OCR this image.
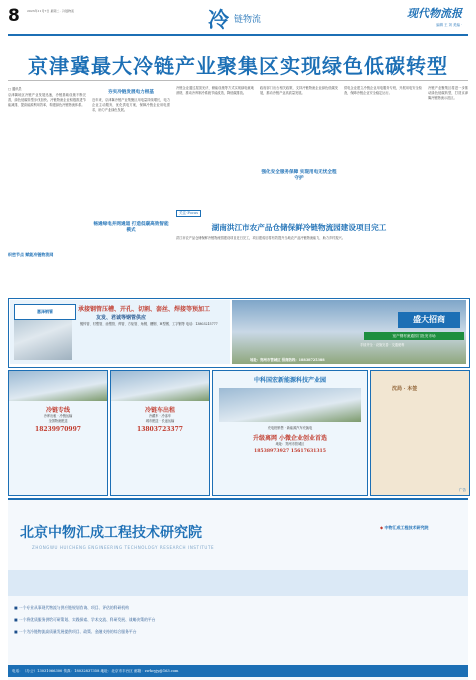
8 2023年11月7日 星期二 · 冷链物流	冷 链物流	现代物流报
编辑 王 刘 美编 ·
京津冀最大冷链产业聚集区实现绿色低碳转型
□ 通讯员
京津冀地区冷链产业发展迅速，冷链基础设施不断完善，绿色低碳转型步伐加快。冷链物流企业积极推进节能减排，提高能源利用效率，构建绿色冷链物流体系。
织密节点 赋能冷链物流网
夯实冷链发展电力根基
近年来，京津冀冷链产业集聚区用电量持续增长，电力企业主动服务，优化供电方案，保障冷链企业用电需求，助力产业绿色发展。
畅通绿电并网通道 打造低碳高效智能模式
冷链企业通过屋顶光伏、储能设施等方式实现绿电就地消纳，推动冷库制冷系统节能改造，降低碳排放。
关注·Focus
湖南洪江市农产品仓储保鲜冷链物流园建设项目完工
政府部门出台相关政策，支持冷链物流企业绿色低碳发展，推动冷链产业高质量发展。
强化安全服务保障 实现用电无忧全程守护
供电企业建立冷链企业用电服务专班，开展用电安全检查，保障冷链企业安全稳定运行。
冷链产业聚集区将进一步推动绿色低碳转型，打造京津冀冷链物流示范区。
洪江市农产品仓储保鲜冷链物流园建设项目近日完工，项目建成后将有效提升当地农产品冷链物流能力，助力乡村振兴。
惠泽钢管	承接钢管压槽、开孔、切割、套丝、焊接等预加工
友发、君诚等钢管供应
镀锌管、衬塑管、涂塑管、焊管、方矩管、角钢、槽钢、H型钢、工字钢等 电话：13803215777	盛大招商
宽产钢材流通园门批发市场
手续齐全 · 设施完善 · 交通便利
地址：郑州市管城区 招商热线：18838725388
冷链专线
冷库出租 · 冷链运输
全国物流配送
18239970997
冷链车出租
冷藏车 · 冷冻车
城市配送 · 长途运输
13803723377
中科国宏新能源科技产业园
充电桩销售 · 新能源汽车充换电
升级离网 小微企业创业首选
地址：郑州市管城区
18538973927 15617631315
沈局 · 本签
广告
北京中物汇成工程技术研究院
ZHONGWU HUICHENG ENGINEERING TECHNOLOGY RESEARCH INSTITUTE
◆ 中物汇成工程技术研究院
■ 一个专业从事现代物流与供应链规划咨询、项目、评估的科研机构
■ 一个将优质服务供给可研策划、实践探索、学术交流、科研发展、战略决策的平台
■ 一个为冷链物流高质量发展提供项目、政策、金融支持的综合服务平台
电话：（办公）13031066300 传真：18032837358 地址：北京市丰台区 邮箱：zwhcyjy@163.com
